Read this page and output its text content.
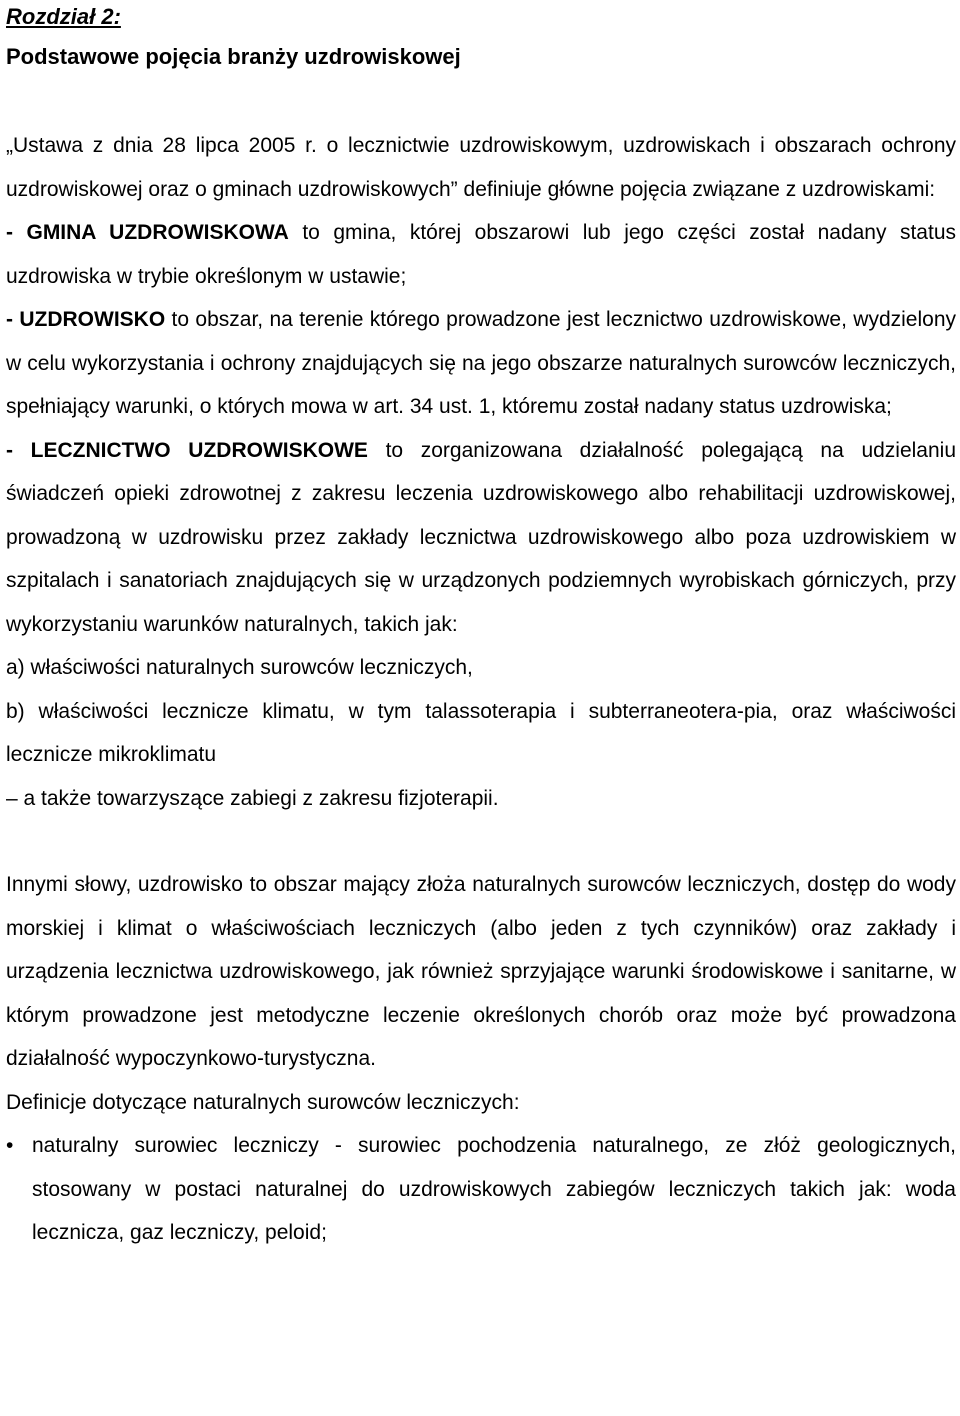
Rozdział 2:

Podstawowe pojęcia branży uzdrowiskowej

„Ustawa z dnia 28 lipca 2005 r. o lecznictwie uzdrowiskowym, uzdrowiskach i obszarach ochrony uzdrowiskowej oraz o gminach uzdrowiskowych” definiuje główne pojęcia związane z uzdrowiskami:

- GMINA UZDROWISKOWA to gmina, której obszarowi lub jego części został nadany status uzdrowiska w trybie określonym w ustawie;

- UZDROWISKO to obszar, na terenie którego prowadzone jest lecznictwo uzdrowiskowe, wydzielony w celu wykorzystania i ochrony znajdujących się na jego obszarze naturalnych surowców leczniczych, spełniający warunki, o których mowa w art. 34 ust. 1, któremu został nadany status uzdrowiska;

- LECZNICTWO UZDROWISKOWE to zorganizowana działalność polegającą na udzielaniu świadczeń opieki zdrowotnej z zakresu leczenia uzdrowiskowego albo rehabilitacji uzdrowiskowej, prowadzoną w uzdrowisku przez zakłady lecznictwa uzdrowiskowego albo poza uzdrowiskiem w szpitalach i sanatoriach znajdujących się w urządzonych podziemnych wyrobiskach górniczych, przy wykorzystaniu warunków naturalnych, takich jak:

a) właściwości naturalnych surowców leczniczych,

b) właściwości lecznicze klimatu, w tym talassoterapia i subterraneotera-pia, oraz właściwości lecznicze mikroklimatu

– a także towarzyszące zabiegi z zakresu fizjoterapii.

Innymi słowy, uzdrowisko to obszar mający złoża naturalnych surowców leczniczych, dostęp do wody morskiej i klimat o właściwościach leczniczych (albo jeden z tych czynników) oraz zakłady i urządzenia lecznictwa uzdrowiskowego, jak również sprzyjające warunki środowiskowe i sanitarne, w którym prowadzone jest metodyczne leczenie określonych chorób oraz może być prowadzona działalność wypoczynkowo-turystyczna.

Definicje dotyczące naturalnych surowców leczniczych:

• naturalny surowiec leczniczy - surowiec pochodzenia naturalnego, ze złóż geologicznych, stosowany w postaci naturalnej do uzdrowiskowych zabiegów leczniczych takich jak: woda lecznicza, gaz leczniczy, peloid;
